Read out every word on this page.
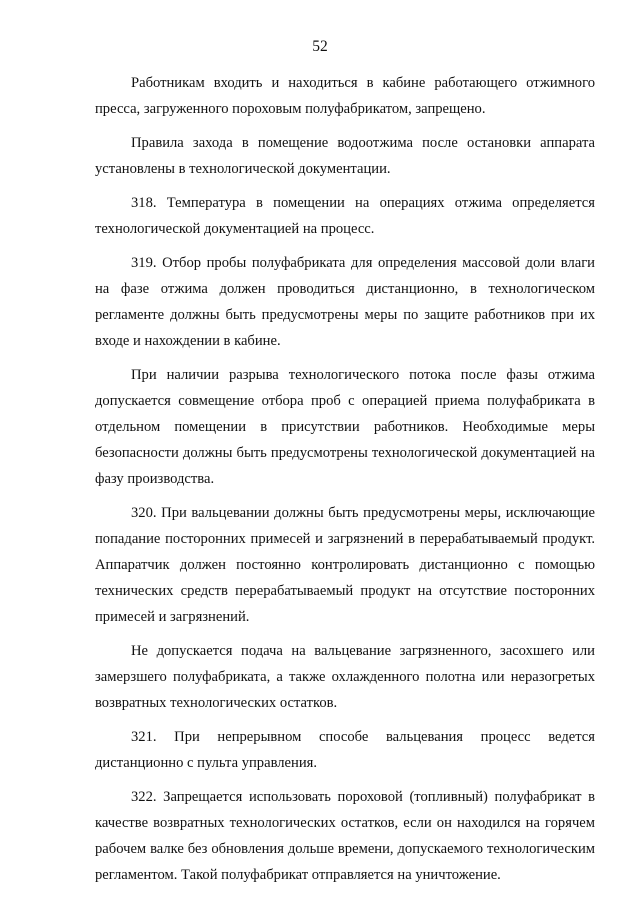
52

Работникам входить и находиться в кабине работающего отжимного пресса, загруженного пороховым полуфабрикатом, запрещено.

Правила захода в помещение водоотжима после остановки аппарата установлены в технологической документации.

318. Температура в помещении на операциях отжима определяется технологической документацией на процесс.

319. Отбор пробы полуфабриката для определения массовой доли влаги на фазе отжима должен проводиться дистанционно, в технологическом регламенте должны быть предусмотрены меры по защите работников при их входе и нахождении в кабине.

При наличии разрыва технологического потока после фазы отжима допускается совмещение отбора проб с операцией приема полуфабриката в отдельном помещении в присутствии работников. Необходимые меры безопасности должны быть предусмотрены технологической документацией на фазу производства.

320. При вальцевании должны быть предусмотрены меры, исключающие попадание посторонних примесей и загрязнений в перерабатываемый продукт. Аппаратчик должен постоянно контролировать дистанционно с помощью технических средств перерабатываемый продукт на отсутствие посторонних примесей и загрязнений.

Не допускается подача на вальцевание загрязненного, засохшего или замерзшего полуфабриката, а также охлажденного полотна или неразогретых возвратных технологических остатков.

321. При непрерывном способе вальцевания процесс ведется дистанционно с пульта управления.

322. Запрещается использовать пороховой (топливный) полуфабрикат в качестве возвратных технологических остатков, если он находился на горячем рабочем валке без обновления дольше времени, допускаемого технологическим регламентом. Такой полуфабрикат отправляется на уничтожение.
